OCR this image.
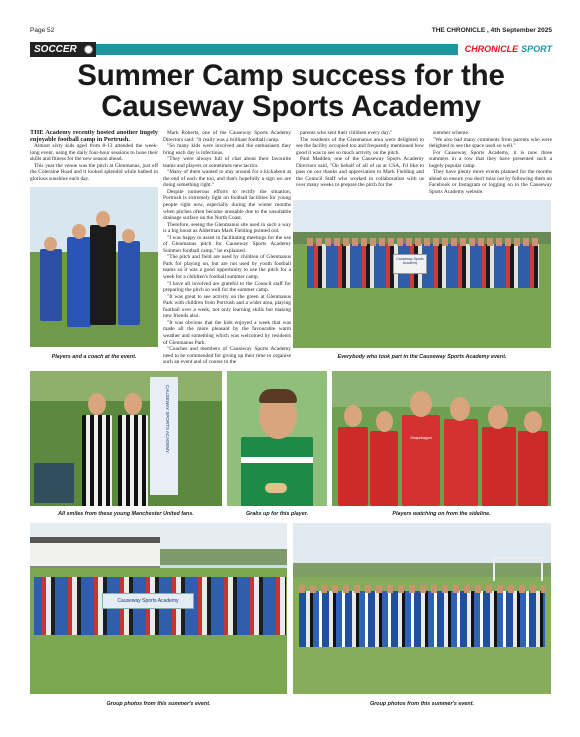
Page 52	THE CHRONICLE , 4th September 2025
SOCCER	CHRONICLE SPORT
Summer Camp success for the Causeway Sports Academy

THE Academy recently hosted another hugely enjoyable football camp in Portrush.

Almost sixty kids aged from 8-13 attended the week-long event, using the daily four-hour sessions to hone their skills and fitness for the new season ahead.

This year the venue was the pitch at Glenmanus, just off the Coleraine Road and it looked splendid while bathed in glorious sunshine each day.

Mark Roberts, one of the Causeway Sports Academy Directors said: "It really was a brilliant football camp.

"So many kids were involved and the enthusiasm they bring each day is infectious.

"They were always full of chat about their favourite teams and players or sometimes new tactics.

"Many of them wanted to stay around for a kickabout at the end of each the too, and that's hopefully a sign we are doing something right."

Despite numerous efforts to rectify the situation, Portrush is extremely light on football facilities for young people right now, especially during the winter months when pitches often become unusable due to the unsuitable drainage surface on the North Coast.

Therefore, seeing the Glenmanus site used in such a way is a big boost as Alderman Mark Fielding pointed out.

"I was happy to assist in facilitating meetings for the use of Glenmanus pitch for Causeway Sports Academy Summer football camp," he explained.

"The pitch and field are used by children of Glenmanus Park for playing on, but are not used by youth football teams so it was a good opportunity to use the pitch for a week for a children's football summer camp.

"I have all involved are grateful to the Council staff for preparing the pitch so well for the summer camp.

"It was great to see activity on the green at Glenmanus Park with children from Portrush and a wider area, playing football over a week, not only learning skills but making new friends also.

"It was obvious that the kids enjoyed a week that was made all the more pleasant by the favourable warm weather and something which was welcomed by residents of Glenmanus Park.

"Coaches and members of Causeway Sports Academy need to be commended for giving up their time to organise such an event and of course to the

parents who sent their children every day."

The residents of the Glenmanus area were delighted to see the facility occupied too and frequently mentioned how good it was to see so much activity on the pitch.

Paul Madden, one of the Causeway Sports Academy Directors said, "On behalf of all of us at CSA, I'd like to pass on our thanks and appreciation to Mark Fielding and the Council Staff who worked in collaboration with us over many weeks to prepare the pitch for the

summer scheme.

"We also had many comments from parents who were delighted to see the space used so well."

For Causeway Sports Academy, it is now three summers in a row that they have presented such a hugely popular camp.

They have plenty more events planned for the months ahead so ensure you don't miss out by following them on Facebook or Instagram or logging on to the Causeway Sports Academy website.

Players and a coach at the event.
Causeway Sports Academy
Everybody who took part in the Causeway Sports Academy event.
CAUSEWAY SPORTS ACADEMY
All smiles from these young Manchester United fans.	Grabs up for this player.
Snapdragon
Players watching on from the sideline.
Causeway Sports Academy
Group photos from this summer's event.	Group photos from this summer's event.
